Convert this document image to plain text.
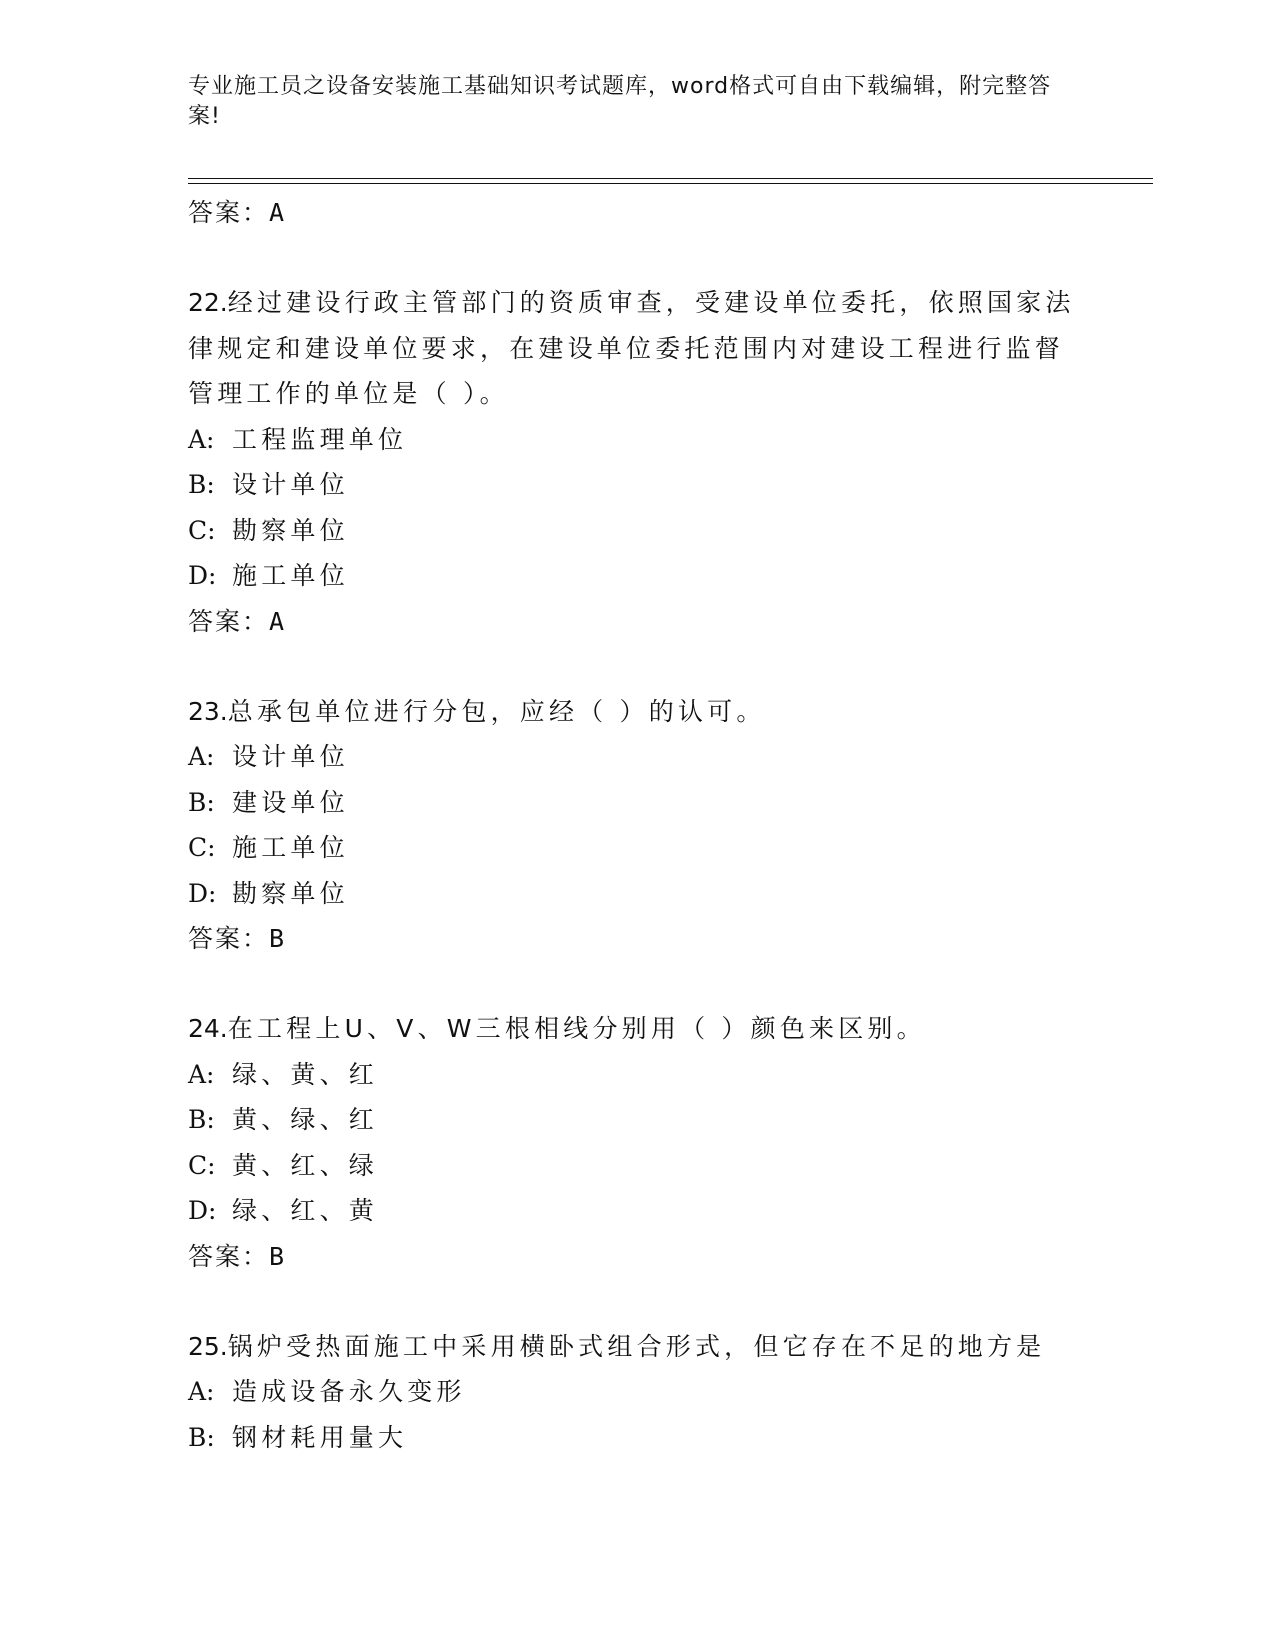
专业施工员之设备安装施工基础知识考试题库，word格式可自由下载编辑，附完整答案!
答案：A
22.经过建设行政主管部门的资质审查，受建设单位委托，依照国家法律规定和建设单位要求，在建设单位委托范围内对建设工程进行监督管理工作的单位是（ ）。
A: 工程监理单位
B: 设计单位
C: 勘察单位
D: 施工单位
答案：A
23.总承包单位进行分包，应经（ ）的认可。
A: 设计单位
B: 建设单位
C: 施工单位
D: 勘察单位
答案：B
24.在工程上U、V、W三根相线分别用（ ）颜色来区别。
A: 绿、黄、红
B: 黄、绿、红
C: 黄、红、绿
D: 绿、红、黄
答案：B
25.锅炉受热面施工中采用横卧式组合形式，但它存在不足的地方是
A: 造成设备永久变形
B: 钢材耗用量大
